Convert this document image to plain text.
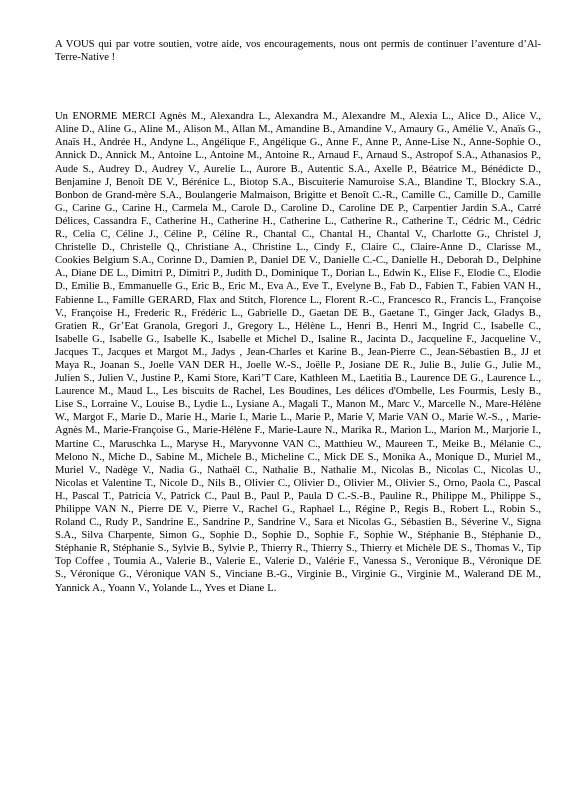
A VOUS qui par votre soutien, votre aide, vos encouragements, nous ont permis de continuer l’aventure d’Al-Terre-Native !

Un ENORME MERCI Agnès M., Alexandra L., Alexandra M., Alexandre M., Alexia L., Alice D., Alice V., Aline D., Aline G., Aline M., Alison M., Allan M., Amandine B., Amandine V., Amaury G., Amélie V., Anaïs G., Anaïs H., Andrée H., Andyne L., Angélique F., Angélique G., Anne F., Anne P., Anne-Lise N., Anne-Sophie O., Annick D., Annick M., Antoine L., Antoine M., Antoine R., Arnaud F., Arnaud S., Astropof S.A., Athanasios P., Aude S., Audrey D., Audrey V., Aurelie L., Aurore B., Autentic S.A., Axelle P., Béatrice M., Bénédicte D., Benjamine J, Benoît DE V., Bérénice L., Biotop S.A., Biscuiterie Namuroise S.A., Blandine T., Blockry S.A., Bonbon de Grand-mère S.A., Boulangerie Malmaison, Brigitte et Benoît C.-R., Camille C., Camille D., Camille G., Carine G., Carine H., Carmela M., Carole D., Caroline D., Caroline DE P., Carpentier Jardin S.A., Carré Délices, Cassandra F., Catherine H., Catherine H., Catherine L., Catherine R., Catherine T., Cédric M., Cédric R., Celia C, Céline J., Céline P., Céline R., Chantal C., Chantal H., Chantal V., Charlotte G., Christel J, Christelle D., Christelle Q., Christiane A., Christine L., Cindy F., Claire C., Claire-Anne D., Clarisse M., Cookies Belgium S.A., Corinne D., Damien P., Daniel DE V., Danielle C.-C., Danielle H., Deborah D., Delphine A., Diane DE L., Dimitri P., Dimitri P., Judith D., Dominique T., Dorian L., Edwin K., Elise F., Elodie C., Elodie D., Emilie B., Emmanuelle G., Eric B., Eric M., Eva A., Eve T., Evelyne B., Fab D., Fabien T., Fabien VAN H., Fabienne L., Famille GERARD, Flax and Stitch, Florence L., Florent R.-C., Francesco R., Francis L., Françoise V., Françoise H., Frederic R., Frédéric L., Gabrielle D., Gaetan DE B., Gaetane T., Ginger Jack, Gladys B., Gratien R., Gr’Eat Granola, Gregori J., Gregory L., Hélène L., Henri B., Henri M., Ingrid C., Isabelle C., Isabelle G., Isabelle G., Isabelle K., Isabelle et Michel D., Isaline R., Jacinta D., Jacqueline F., Jacqueline V., Jacques T., Jacques et Margot M., Jadys , Jean-Charles et Karine B., Jean-Pierre C., Jean-Sébastien B., JJ et Maya R., Joanan S., Joelle VAN DER H., Joelle W.-S., Joëlle P., Josiane DE R., Julie B., Julie G., Julie M., Julien S., Julien V., Justine P., Kami Store, Kari’T Care, Kathleen M., Laetitia B., Laurence DE G., Laurence L., Laurence M., Maud L., Les biscuits de Rachel, Les Boudines, Les délices d'Ombelle, Les Fourmis, Lesly B., Lise S., Lorraine V., Louise B., Lydie L., Lysiane A., Magali T., Manon M., Marc V., Marcelle N., Mare-Hélène W., Margot F., Marie D., Marie H., Marie I., Marie L., Marie P., Marie V, Marie VAN O., Marie W.-S., , Marie-Agnès M., Marie-Françoise G., Marie-Hélène F., Marie-Laure N., Marika R., Marion L., Marion M., Marjorie I., Martine C., Maruschka L., Maryse H., Maryvonne VAN C., Matthieu W., Maureen T., Meike B., Mélanie C., Melono N., Miche D., Sabine M., Michele B., Micheline C., Mick DE S., Monika A., Monique D., Muriel M., Muriel V., Nadège V., Nadia G., Nathaël C., Nathalie B., Nathalie M., Nicolas B., Nicolas C., Nicolas U., Nicolas et Valentine T., Nicole D., Nils B., Olivier C., Olivier D., Olivier M., Olivier S., Orno, Paola C., Pascal H., Pascal T., Patricia V., Patrick C., Paul B., Paul P., Paula D C.-S.-B., Pauline R., Philippe M., Philippe S., Philippe VAN N., Pierre DE V., Pierre V., Rachel G., Raphael L., Régine P., Regis B., Robert L., Robin S., Roland C., Rudy P., Sandrine E., Sandrine P., Sandrine V., Sara et Nicolas G., Sébastien B., Séverine V., Signa S.A., Silva Charpente, Simon G., Sophie D., Sophie D., Sophie F., Sophie W., Stéphanie B., Stéphanie D., Stéphanie R, Stéphanie S., Sylvie B., Sylvie P., Thierry R., Thierry S., Thierry et Michèle DE S., Thomas V., Tip Top Coffee , Toumia A., Valerie B., Valerie E., Valerie D., Valérie F., Vanessa S., Veronique B., Véronique DE S., Véronique G., Véronique VAN S., Vinciane B.-G., Virginie B., Virginie G., Virginie M., Walerand DE M., Yannick A., Yoann V., Yolande L., Yves et Diane L.
